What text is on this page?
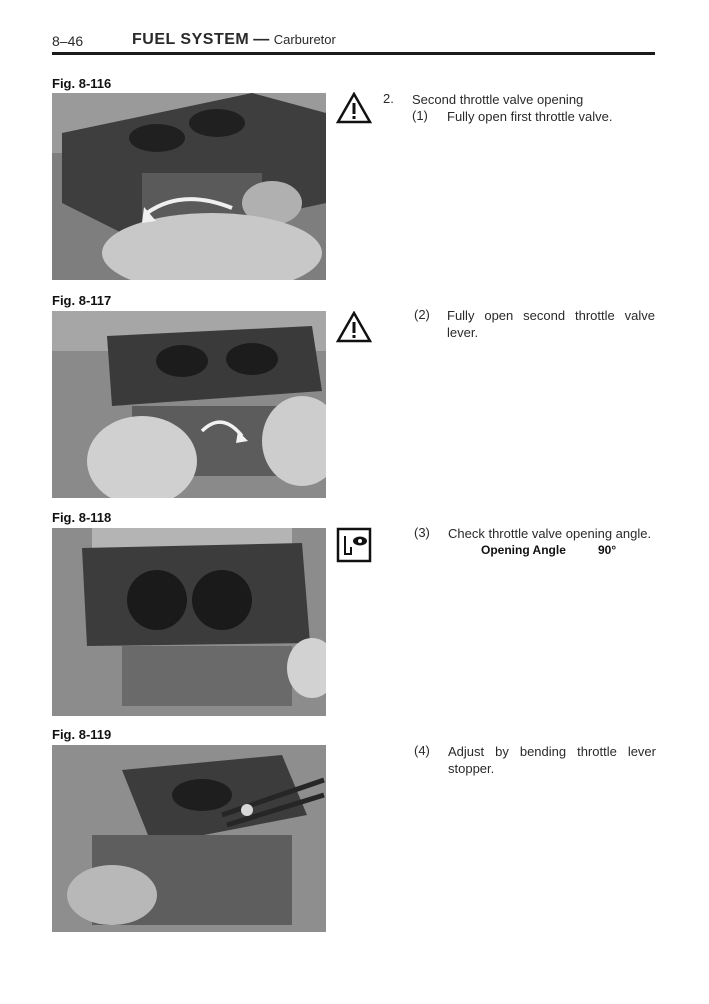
8–46	FUEL SYSTEM — Carburetor
Fig. 8-116
Fig. 8-117
Fig. 8-118
Fig. 8-119
2. Second throttle valve opening
(1) Fully open first throttle valve.
(2) Fully open second throttle valve lever.
(3) Check throttle valve opening angle.
Opening Angle	90°
(4) Adjust by bending throttle lever stopper.
